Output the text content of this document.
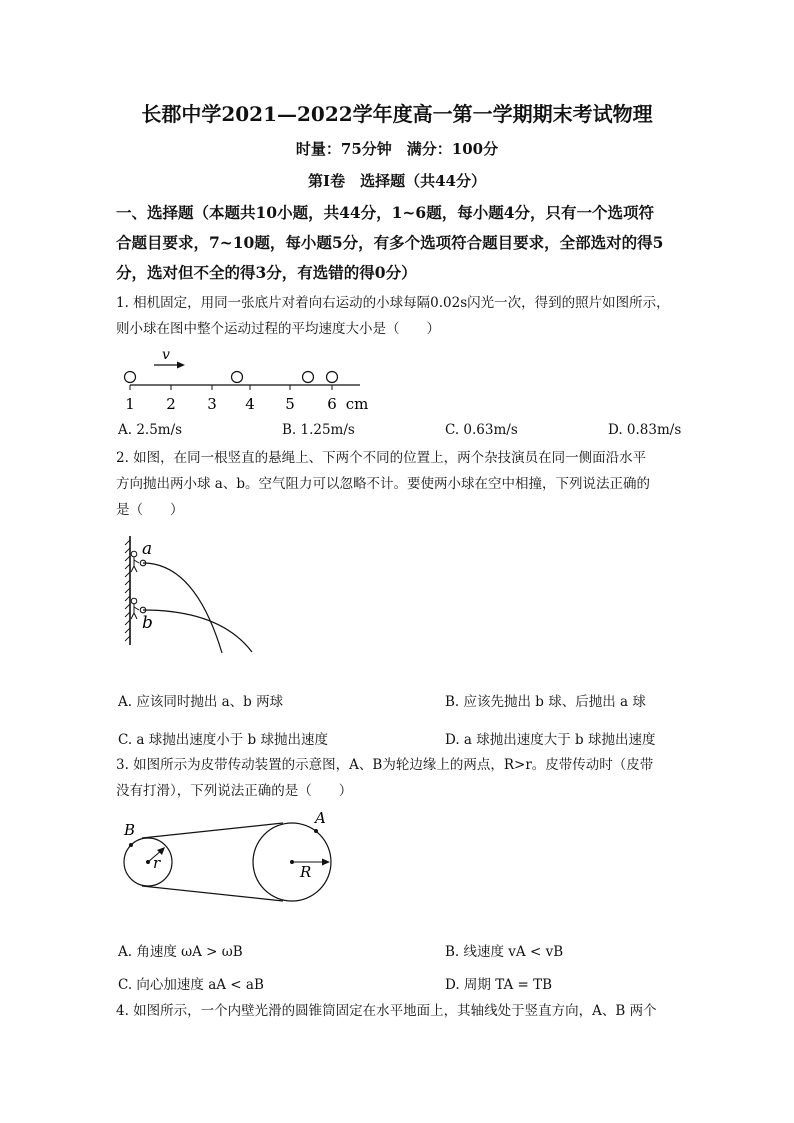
长郡中学2021—2022学年度高一第一学期期末考试物理
时量：75分钟　满分：100分
第Ⅰ卷　选择题（共44分）
一、选择题（本题共10小题，共44分，1~6题，每小题4分，只有一个选项符
合题目要求，7~10题，每小题5分，有多个选项符合题目要求，全部选对的得5
分，选对但不全的得3分，有选错的得0分）
1. 相机固定，用同一张底片对着向右运动的小球每隔0.02s闪光一次，得到的照片如图所示，
则小球在图中整个运动过程的平均速度大小是（　　）
v
1 2 3 4 5 6 cm
A. 2.5m/s	B. 1.25m/s	C. 0.63m/s	D. 0.83m/s
2. 如图，在同一根竖直的悬绳上、下两个不同的位置上，两个杂技演员在同一侧面沿水平
方向抛出两小球 a、b。空气阻力可以忽略不计。要使两小球在空中相撞，下列说法正确的
是（　　）
a
b
A. 应该同时抛出 a、b 两球	B. 应该先抛出 b 球、后抛出 a 球
C. a 球抛出速度小于 b 球抛出速度	D. a 球抛出速度大于 b 球抛出速度
3. 如图所示为皮带传动装置的示意图，A、B为轮边缘上的两点，R>r。皮带传动时（皮带
没有打滑），下列说法正确的是（　　）
B
A
r	R
A. 角速度 ωA > ωB	B. 线速度 vA < vB
C. 向心加速度 aA < aB	D. 周期 TA = TB
4. 如图所示，一个内壁光滑的圆锥筒固定在水平地面上，其轴线处于竖直方向，A、B 两个
